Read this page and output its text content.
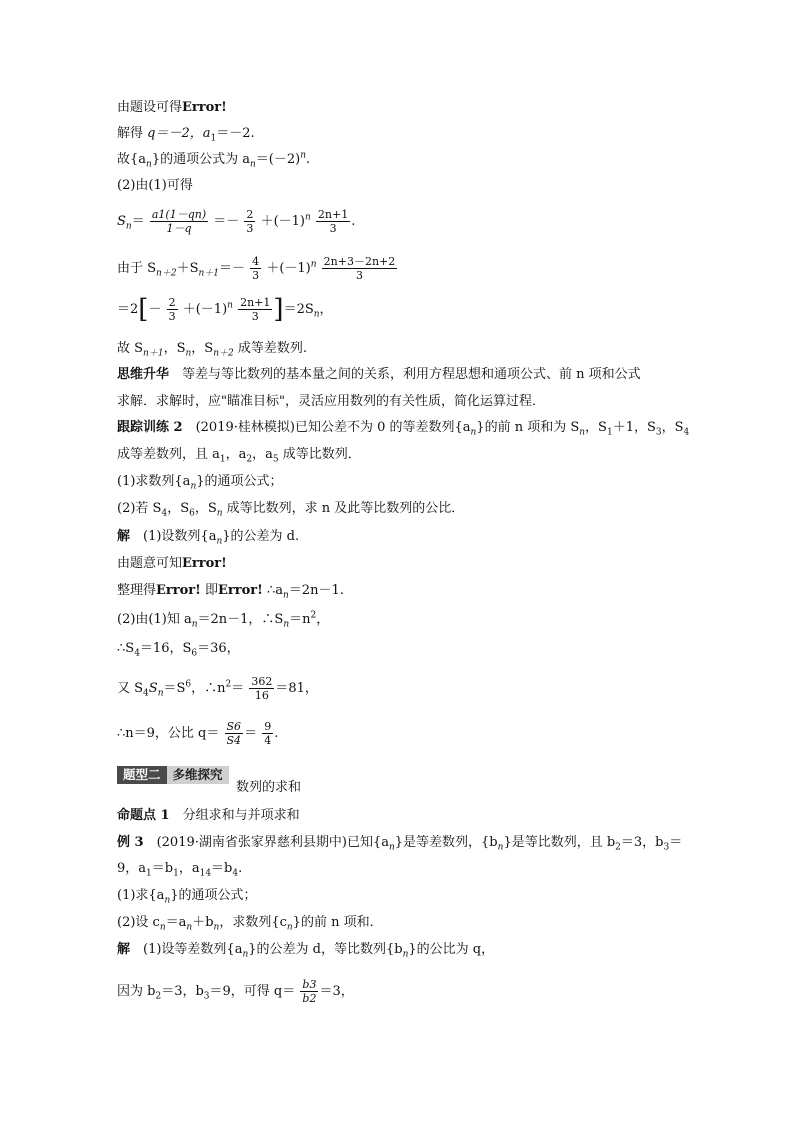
由题设可得Error!
解得 q＝－2，$a_1=-2$.
故$\{a_n\}$的通项公式为 $a_n=(-2)^n$.
(2)由(1)可得
$S_n= \frac{a1(1-qn)}{1-q} =- \frac{2}{3} +(-1)^n \frac{2n+1}{3}$ .
由于 $S_{n+2}+S_{n+1}=- \frac{4}{3} +(-1)^n \frac{2n+3-2n+2}{3}$
$=2[- \frac{2}{3} +(-1)^n \frac{2n+1}{3} ]=2S_n$，
故 $S_{n+1}$，$S_n$，$S_{n+2}$ 成等差数列.
思维升华　等差与等比数列的基本量之间的关系，利用方程思想和通项公式、前 n 项和公式
求解．求解时，应"瞄准目标"，灵活应用数列的有关性质，简化运算过程．
跟踪训练 2　(2019·桂林模拟)已知公差不为 0 的等差数列$\{a_n\}$的前 n 项和为 $S_n$，$S_1+1$，$S_3$，$S_4$
成等差数列，且 $a_1$，$a_2$，$a_5$ 成等比数列．
(1)求数列$\{a_n\}$的通项公式；
(2)若 $S_4$，$S_6$，$S_n$ 成等比数列，求 n 及此等比数列的公比．
解　(1)设数列$\{a_n\}$的公差为 d.
由题意可知Error!
整理得Error! 即Error! $\therefore a_n=2n-1$.
(2)由(1)知 $a_n=2n-1$，$\therefore S_n=n^2$，
$\therefore S_4=16$，$S_6=36$，
又 $S_4S_n=S^6$，$\therefore n^2= \frac{362}{16} =81$，
∴n＝9，公比 $q= \frac{S6}{S4} = \frac{9}{4}$ .
题型二 多维探究
数列的求和
命题点 1　分组求和与并项求和
例 3　(2019·湖南省张家界慈利县期中)已知$\{a_n\}$是等差数列，$\{b_n\}$是等比数列，且 $b_2=3$，$b_3=$
9，$a_1=b_1$，$a_{14}=b_4$.
(1)求$\{a_n\}$的通项公式；
(2)设 $c_n=a_n+b_n$，求数列$\{c_n\}$的前 n 项和．
解　(1)设等差数列$\{a_n\}$的公差为 d，等比数列$\{b_n\}$的公比为 q，
因为 $b_2=3$，$b_3=9$，可得 $q= \frac{b3}{b2} =3$，
